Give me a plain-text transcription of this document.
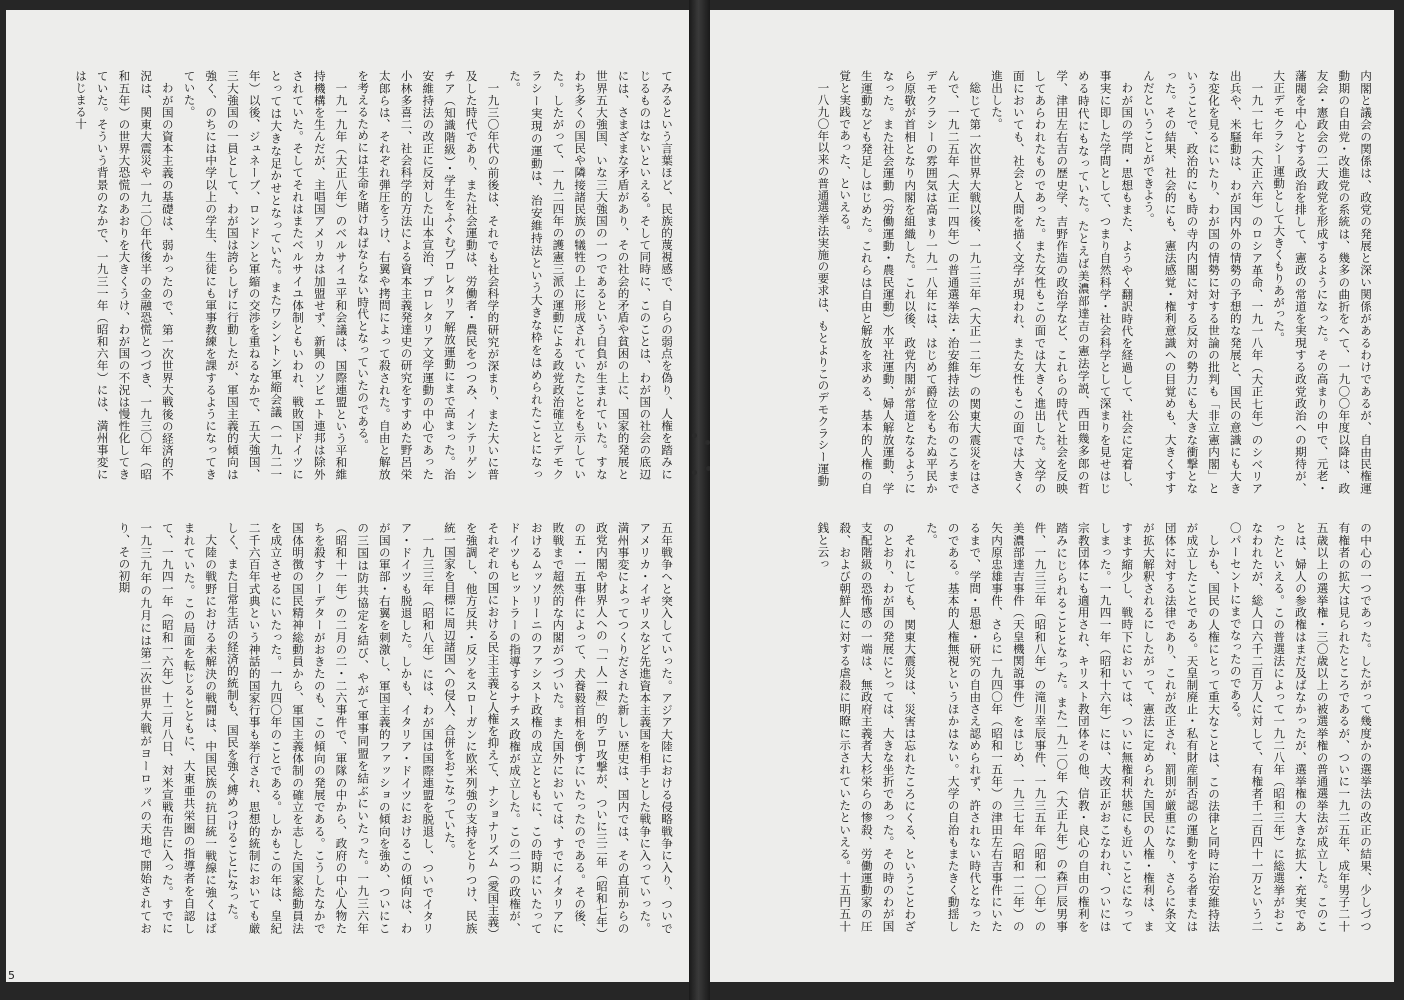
てみるという言葉ほど、民族的蔑視感で、自らの弱点を偽り、人権を踏みにじるものはないといえる。そして同時に、このことは、わが国の社会の底辺には、さまざまな矛盾があり、その社会的矛盾や貧困の上に、国家的発展と世界五大強国、いな三大強国の一つであるという自負が生まれていた。すなわち多くの国民や隣接諸民族の犠牲の上に形成されていたことをも示していた。したがって、一九二四年の護憲三派の運動による政党政治確立とデモクラシー実現の運動は、治安維持法という大きな枠をはめられたことになった。

一九三〇年代の前後は、それでも社会科学的研究が深まり、また大いに普及した時代であり、また社会運動は、労働者・農民をつつみ、インテリゲンチア（知識階級）・学生をふくむプロレタリア解放運動にまで高まった。治安維持法の改正に反対した山本宣治、プロレタリア文学運動の中心であった小林多喜二、社会科学的方法による資本主義発達史の研究をすすめた野呂栄太郎らは、それぞれ弾圧をうけ、右翼や拷問によって殺された。自由と解放を考えるためには生命を賭けねばならない時代となっていたのである。

一九一九年（大正八年）のベルサイユ平和会議は、国際連盟という平和維持機構を生んだが、主唱国アメリカは加盟せず、新興のソビエト連邦は除外されていた。そしてそれはまたベルサイユ体制ともいわれ、戦敗国ドイツにとっては大きな足かせとなっていた。またワシントン軍縮会議（一九二一年）以後、ジュネーブ、ロンドンと軍縮の交渉を重ねるなかで、五大強国、三大強国の一員として、わが国は誇らしげに行動したが、軍国主義的傾向は強く、のちには中学以上の学生、生徒にも軍事教練を課するようになってきていた。

わが国の資本主義の基礎は、弱かったので、第一次世界大戦後の経済的不況は、関東大震災や一九二〇年代後半の金融恐慌とつづき、一九三〇年（昭和五年）の世界大恐慌のあおりを大きくうけ、わが国の不況は慢性化してきていた。そういう背景のなかで、一九三一年（昭和六年）には、満州事変にはじまる十

五年戦争へと突入していった。アジア大陸における侵略戦争に入り、ついでアメリカ・イギリスなど先進資本主義国を相手とした戦争に入っていった。満州事変によってつくりだされた新しい歴史は、国内では、その直前からの政党内閣や財界人への「一人一殺」的テロ攻撃が、ついに三二年（昭和七年）の五・一五事件によって、犬養毅首相を倒すにいたったのである。その後、敗戦まで超然的な内閣がつづいた。また国外においては、すでにイタリアにおけるムッソリーニのファシスト政権の成立とともに、この時期にいたってドイツもヒットラーの指導するナチス政権が成立した。この二つの政権が、それぞれの国における民主主義と人権を抑えて、ナショナリズム（愛国主義）を強調し、他方反共・反ソをスローガンに欧米列強の支持をとりつけ、民族統一国家を目標に周辺諸国への侵入、合併をおこなっていた。

一九三三年（昭和八年）には、わが国は国際連盟を脱退し、ついでイタリア・ドイツも脱退した。しかも、イタリア・ドイツにおけるこの傾向は、わが国の軍部・右翼を刺激し、軍国主義的ファッショの傾向を強め、ついにこの三国は防共協定を結び、やがて軍事同盟を結ぶにいたった。一九三六年（昭和十一年）の二月の二・二六事件で、軍隊の中から、政府の中心人物たちを殺すクーデターがおきたのも、この傾向の発展である。こうしたなかで国体明徴の国民精神総動員から、軍国主義体制の確立を志した国家総動員法を成立させるにいたった。一九四〇年のことである。しかもこの年は、皇紀二千六百年式典という神話的国家行事も挙行され、思想的統制においても厳しく、また日常生活の経済的統制も、国民を強く縛めつけることになった。

大陸の戦野における未解決の戦闘は、中国民族の抗日統一戦線に強くはばまれていた。この局面を転じるとともに、大東亜共栄圏の指導者を自認して、一九四一年（昭和一六年）十二月八日、対米宣戦布告に入った。すでに一九三九年の九月には第二次世界大戦がヨーロッパの天地で開始されており、その初期

5

内閣と議会の関係は、政党の発展と深い関係があるわけであるが、自由民権運動期の自由党・改進党の系統は、幾多の曲折をへて、一九〇〇年度以降は、政友会・憲政会の二大政党を形成するようになった。その高まりの中で、元老・藩閥を中心とする政治を排して、憲政の常道を実現する政党政治への期待が、大正デモクラシー運動として大きくもりあがった。

一九一七年（大正六年）のロシア革命、一九一八年（大正七年）のシベリア出兵や、米騒動は、わが国内外の情勢の予想的な発展と、国民の意識にも大きな変化を見るにいたり、わが国の情勢に対する世論の批判も「非立憲内閣」ということで、政治的にも時の寺内内閣に対する反対の勢力にも大きな衝撃となった。その結果、社会的にも、憲法感覚・権利意識への目覚めも、大きくすすんだということができよう。

わが国の学問・思想もまた、ようやく翻訳時代を経過して、社会に定着し、事実に即した学問として、つまり自然科学・社会科学として深まりを見せはじめる時代にもなっていた。たとえば美濃部達吉の憲法学説、西田幾多郎の哲学、津田左右吉の歴史学、吉野作造の政治学など、これらの時代と社会を反映してあらわれたものであった。また女性もこの面では大きく進出した。文学の面においても、社会と人間を描く文学が現われ、また女性もこの面では大きく進出した。

総じて第一次世界大戦以後、一九二三年（大正一二年）の関東大震災をはさんで、一九二五年（大正一四年）の普通選挙法・治安維持法の公布のころまでデモクラシーの雰囲気は高まり一九一八年には、はじめて爵位をもたぬ平民から原敬が首相となり内閣を組織した。これ以後、政党内閣が常道となるようになった。また社会運動（労働運動・農民運動）水平社運動、婦人解放運動、学生運動なども発足しはじめた。これらは自由と解放を求める、基本的人権の自覚と実践であった、といえる。

一八九〇年以来の普通選挙法実施の要求は、もとよりこのデモクラシー運動

の中心の一つであった。したがって幾度かの選挙法の改正の結果、少しづつ有権者の拡大は見られたところであるが、ついに一九二五年、成年男子二十五歳以上の選挙権・三〇歳以上の被選挙権の普通選挙法が成立した。このことは、婦人の参政権はまだ及ばなかったが、選挙権の大きな拡大・充実であったといえる。この普選法によって一九二八年（昭和三年）に総選挙がおこなわれたが、総人口六千二百万人に対して、有権者千二百四十一万という二〇パーセントにまでなったのである。

しかも、国民の人権にとって重大なことは、この法律と同時に治安維持法が成立したことである。天皇制廃止・私有財産制否認の運動をする者または団体に対する法律であり、これが改正され、罰則が厳重になり、さらに条文が拡大解釈されるにしたがって、憲法に定められた国民の人権・権利は、ますます縮少し、戦時下においては、ついに無権利状態にも近いことになってしまった。一九四一年（昭和十六年）には、大改正がおこなわれ、ついには宗教団体にも適用され、キリスト教団体その他、信教・良心の自由の権利を踏みにじられることとなった。また一九二〇年（大正九年）の森戸辰男事件、一九三三年（昭和八年）の滝川幸辰事件、一九三五年（昭和一〇年）の美濃部達吉事件（天皇機関説事件）をはじめ、一九三七年（昭和一二年）の矢内原忠雄事件、さらに一九四〇年（昭和一五年）の津田左右吉事件にいたるまで、学問・思想・研究の自由さえ認められず、許されない時代となったのである。基本的人権無視というほかはない。大学の自治もまたきく動揺した。

それにしても、関東大震災は、災害は忘れたころにくる、ということわざのとおり、わが国の発展にとっては、大きな坐折であった。その時のわが国支配階級の恐怖感の一端は、無政府主義者大杉栄らの惨殺、労働運動家の圧殺、および朝鮮人に対する虐殺に明瞭に示されていたといえる。十五円五十銭と云っ
